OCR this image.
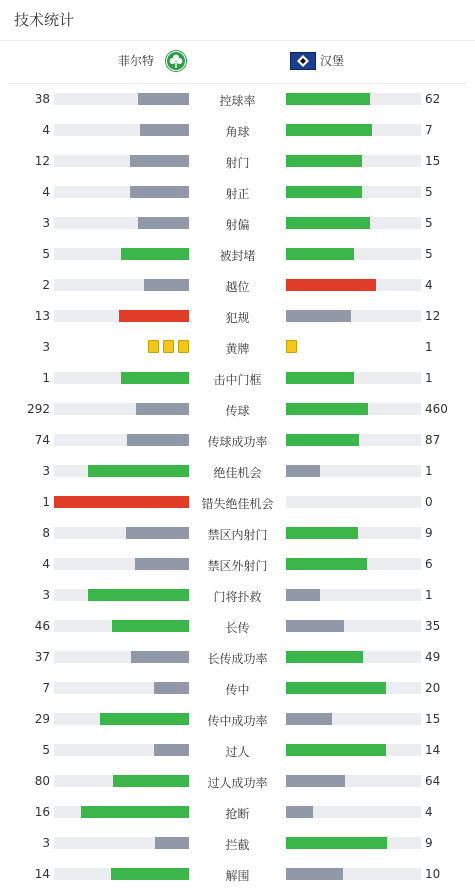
技术统计
菲尔特	汉堡
38	控球率	62
4	角球	7
12	射门	15
4	射正	5
3	射偏	5
5	被封堵	5
2	越位	4
13	犯规	12
3	黄牌	1
1	击中门框	1
292	传球	460
74	传球成功率	87
3	绝佳机会	1
1	错失绝佳机会	0
8	禁区内射门	9
4	禁区外射门	6
3	门将扑救	1
46	长传	35
37	长传成功率	49
7	传中	20
29	传中成功率	15
5	过人	14
80	过人成功率	64
16	抢断	4
3	拦截	9
14	解围	10
